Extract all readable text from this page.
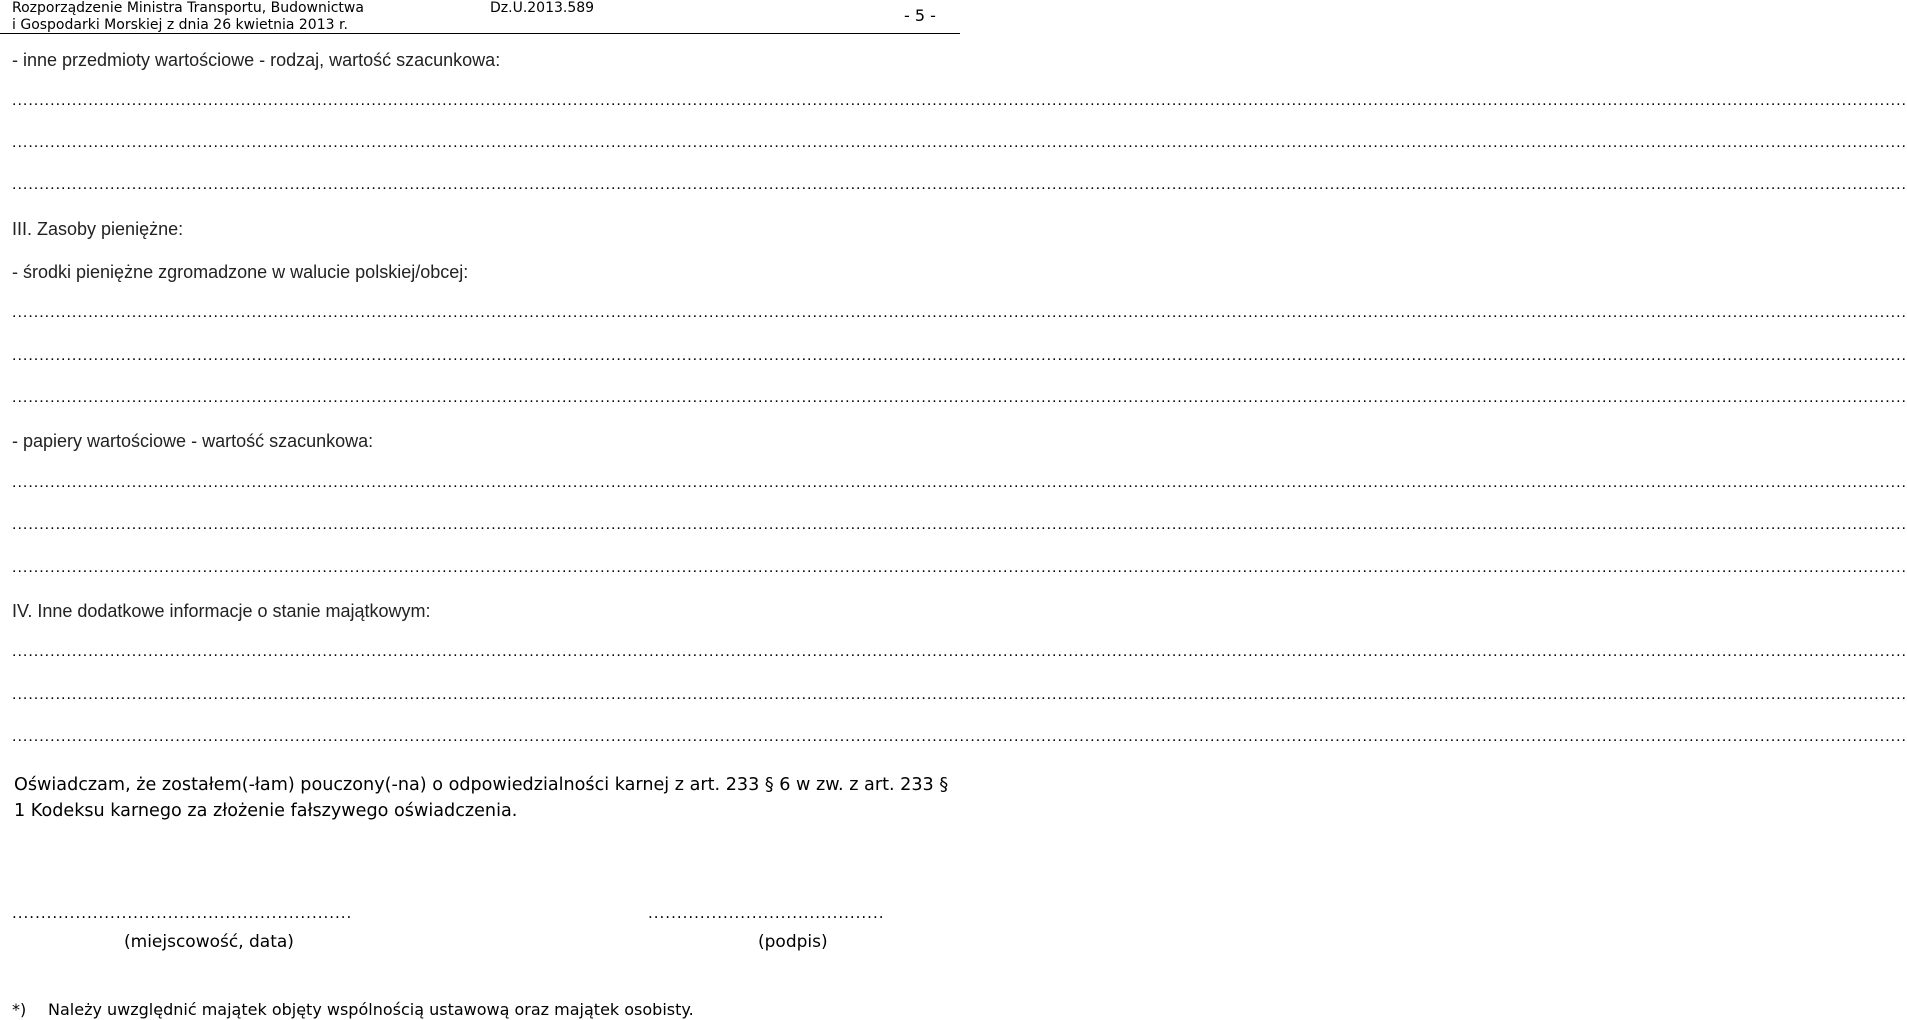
Rozporządzenie Ministra Transportu, Budownictwa
i Gospodarki Morskiej z dnia 26 kwietnia 2013 r.
Dz.U.2013.589	- 5 -
- inne przedmioty wartościowe - rodzaj, wartość szacunkowa:
............................................................................................................................................................................................................................................................................................................................................................
............................................................................................................................................................................................................................................................................................................................................................
............................................................................................................................................................................................................................................................................................................................................................
III. Zasoby pieniężne:
- środki pieniężne zgromadzone w walucie polskiej/obcej:
............................................................................................................................................................................................................................................................................................................................................................
............................................................................................................................................................................................................................................................................................................................................................
............................................................................................................................................................................................................................................................................................................................................................
- papiery wartościowe - wartość szacunkowa:
............................................................................................................................................................................................................................................................................................................................................................
............................................................................................................................................................................................................................................................................................................................................................
............................................................................................................................................................................................................................................................................................................................................................
IV. Inne dodatkowe informacje o stanie majątkowym:
............................................................................................................................................................................................................................................................................................................................................................
............................................................................................................................................................................................................................................................................................................................................................
............................................................................................................................................................................................................................................................................................................................................................
Oświadczam, że zostałem(-łam) pouczony(-na) o odpowiedzialności karnej z art. 233 § 6 w zw. z art. 233 § 1 Kodeksu karnego za złożenie fałszywego oświadczenia.
...........................................................	.........................................
(miejscowość, data)	(podpis)
*) Należy uwzględnić majątek objęty wspólnością ustawową oraz majątek osobisty.
